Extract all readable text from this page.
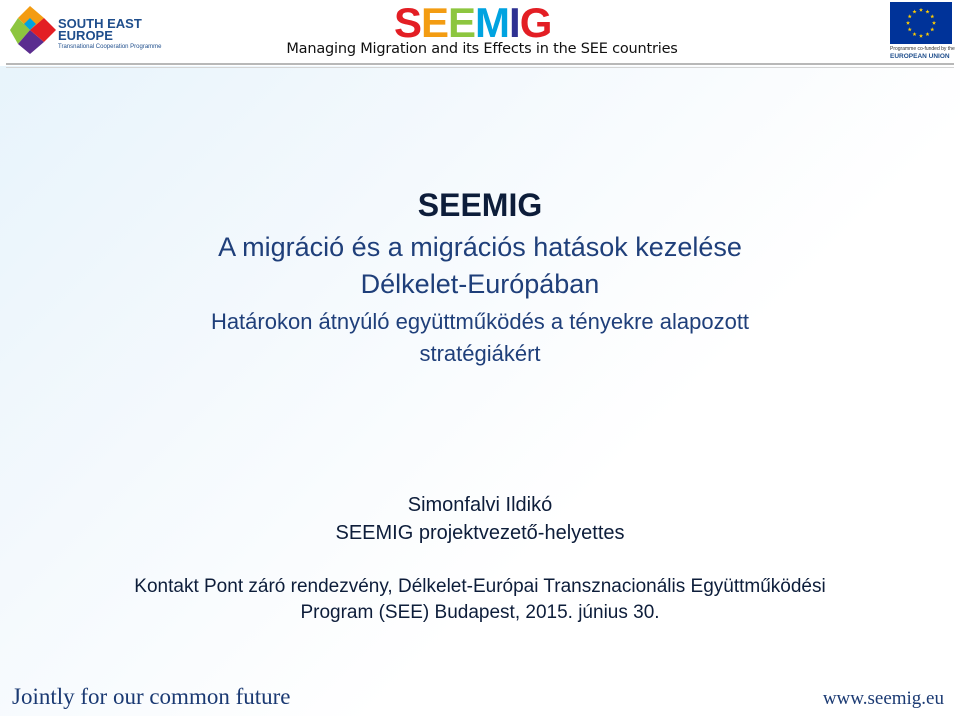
SOUTH EAST
EUROPE
Transnational Cooperation Programme
SEEMIG
Managing Migration and its Effects in the SEE countries	Programme co-funded by the
EUROPEAN UNION
SEEMIG
A migráció és a migrációs hatások kezelése
Délkelet-Európában
Határokon átnyúló együttműködés a tényekre alapozott
stratégiákért
Simonfalvi Ildikó
SEEMIG projektvezető-helyettes
Kontakt Pont záró rendezvény, Délkelet-Európai Transznacionális Együttműködési
Program (SEE) Budapest, 2015. június 30.
Jointly for our common future	www.seemig.eu
